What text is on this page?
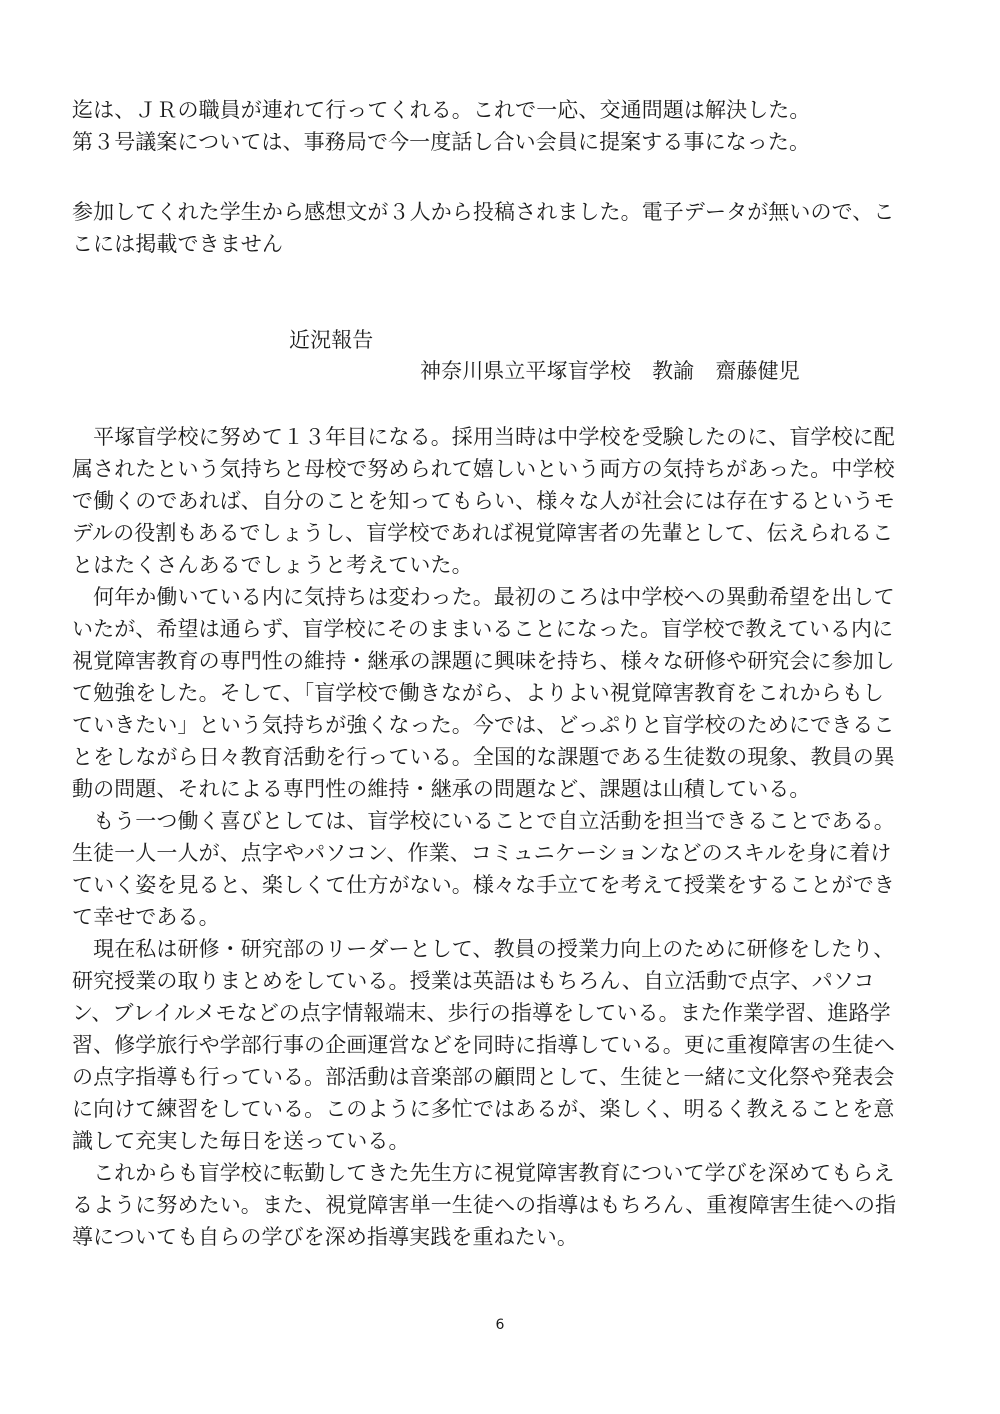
迄は、ＪＲの職員が連れて行ってくれる。これで一応、交通問題は解決した。
第３号議案については、事務局で今一度話し合い会員に提案する事になった。
参加してくれた学生から感想文が３人から投稿されました。電子データが無いので、こ
こには掲載できません
近況報告
神奈川県立平塚盲学校　教諭　齋藤健児
　平塚盲学校に努めて１３年目になる。採用当時は中学校を受験したのに、盲学校に配
属されたという気持ちと母校で努められて嬉しいという両方の気持ちがあった。中学校
で働くのであれば、自分のことを知ってもらい、様々な人が社会には存在するというモ
デルの役割もあるでしょうし、盲学校であれば視覚障害者の先輩として、伝えられるこ
とはたくさんあるでしょうと考えていた。
　何年か働いている内に気持ちは変わった。最初のころは中学校への異動希望を出して
いたが、希望は通らず、盲学校にそのままいることになった。盲学校で教えている内に
視覚障害教育の専門性の維持・継承の課題に興味を持ち、様々な研修や研究会に参加し
て勉強をした。そして、「盲学校で働きながら、よりよい視覚障害教育をこれからもし
ていきたい」という気持ちが強くなった。今では、どっぷりと盲学校のためにできるこ
とをしながら日々教育活動を行っている。全国的な課題である生徒数の現象、教員の異
動の問題、それによる専門性の維持・継承の問題など、課題は山積している。
　もう一つ働く喜びとしては、盲学校にいることで自立活動を担当できることである。
生徒一人一人が、点字やパソコン、作業、コミュニケーションなどのスキルを身に着け
ていく姿を見ると、楽しくて仕方がない。様々な手立てを考えて授業をすることができ
て幸せである。
　現在私は研修・研究部のリーダーとして、教員の授業力向上のために研修をしたり、
研究授業の取りまとめをしている。授業は英語はもちろん、自立活動で点字、パソコ
ン、ブレイルメモなどの点字情報端末、歩行の指導をしている。また作業学習、進路学
習、修学旅行や学部行事の企画運営などを同時に指導している。更に重複障害の生徒へ
の点字指導も行っている。部活動は音楽部の顧問として、生徒と一緒に文化祭や発表会
に向けて練習をしている。このように多忙ではあるが、楽しく、明るく教えることを意
識して充実した毎日を送っている。
　これからも盲学校に転勤してきた先生方に視覚障害教育について学びを深めてもらえ
るように努めたい。また、視覚障害単一生徒への指導はもちろん、重複障害生徒への指
導についても自らの学びを深め指導実践を重ねたい。
6
